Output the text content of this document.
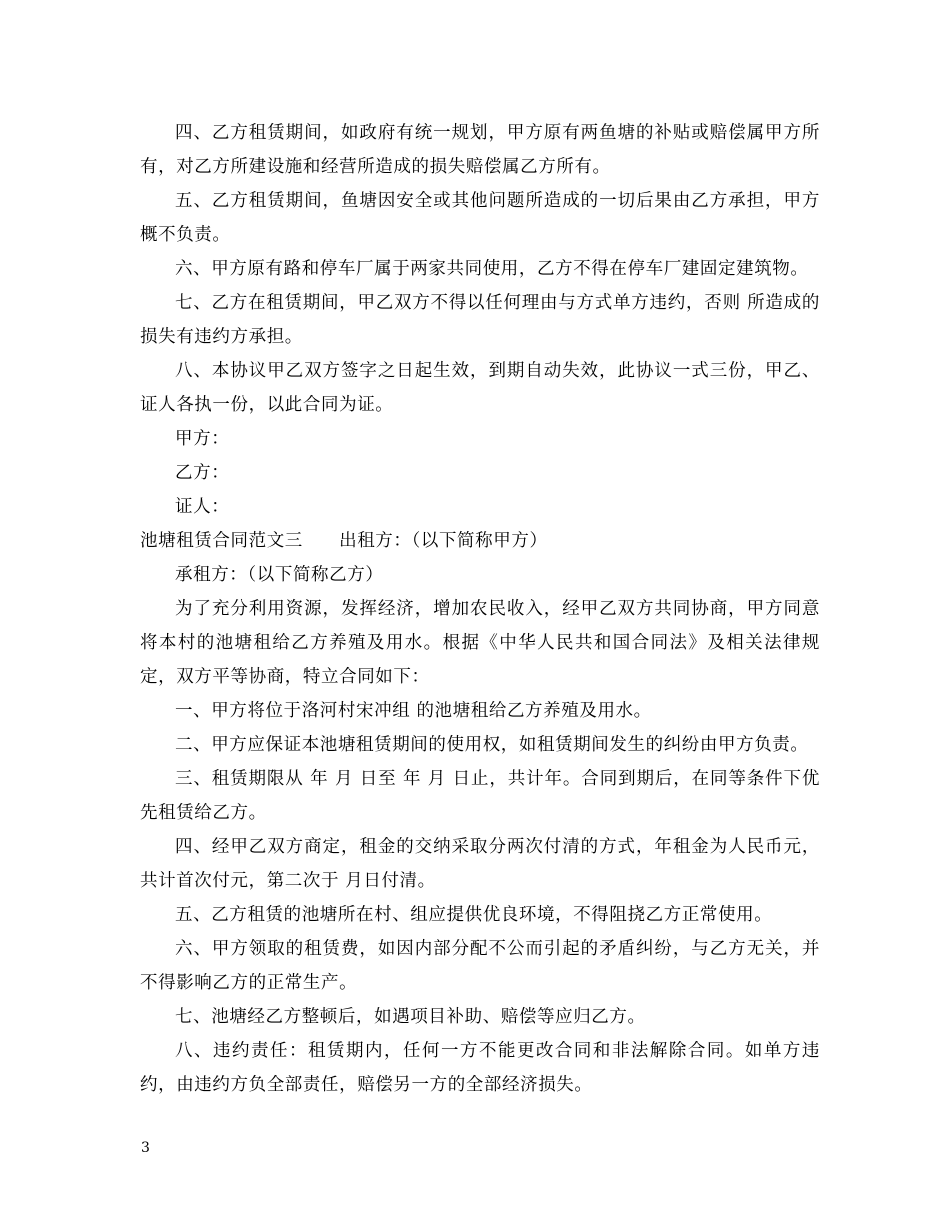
四、乙方租赁期间，如政府有统一规划，甲方原有两鱼塘的补贴或赔偿属甲方所有，对乙方所建设施和经营所造成的损失赔偿属乙方所有。

五、乙方租赁期间，鱼塘因安全或其他问题所造成的一切后果由乙方承担，甲方概不负责。

六、甲方原有路和停车厂属于两家共同使用，乙方不得在停车厂建固定建筑物。

七、乙方在租赁期间，甲乙双方不得以任何理由与方式单方违约，否则 所造成的损失有违约方承担。

八、本协议甲乙双方签字之日起生效，到期自动失效，此协议一式三份，甲乙、证人各执一份，以此合同为证。

甲方：

乙方：

证人：

池塘租赁合同范文三　　出租方：（以下简称甲方）

承租方：（以下简称乙方）

为了充分利用资源，发挥经济，增加农民收入，经甲乙双方共同协商，甲方同意将本村的池塘租给乙方养殖及用水。根据《中华人民共和国合同法》及相关法律规定，双方平等协商，特立合同如下：

一、甲方将位于洛河村宋冲组 的池塘租给乙方养殖及用水。

二、甲方应保证本池塘租赁期间的使用权，如租赁期间发生的纠纷由甲方负责。

三、租赁期限从 年 月 日至 年 月 日止，共计年。合同到期后，在同等条件下优先租赁给乙方。

四、经甲乙双方商定，租金的交纳采取分两次付清的方式，年租金为人民币元，共计首次付元，第二次于 月日付清。

五、乙方租赁的池塘所在村、组应提供优良环境，不得阻挠乙方正常使用。

六、甲方领取的租赁费，如因内部分配不公而引起的矛盾纠纷，与乙方无关，并不得影响乙方的正常生产。

七、池塘经乙方整顿后，如遇项目补助、赔偿等应归乙方。

八、违约责任：租赁期内，任何一方不能更改合同和非法解除合同。如单方违约，由违约方负全部责任，赔偿另一方的全部经济损失。

3
